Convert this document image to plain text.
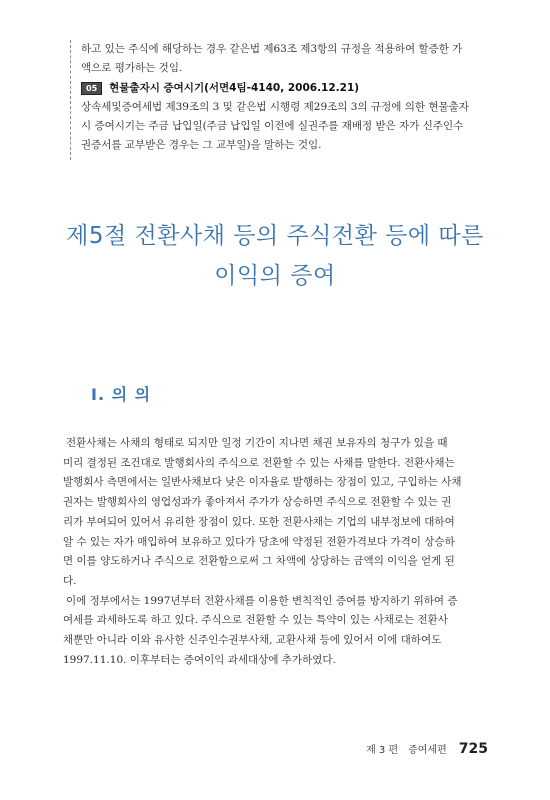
하고 있는 주식에 해당하는 경우 같은법 제63조 제3항의 규정을 적용하여 할증한 가
액으로 평가하는 것임.
05	현물출자시 증여시기(서면4팀-4140, 2006.12.21)
상속세및증여세법 제39조의 3 및 같은법 시행령 제29조의 3의 규정에 의한 현물출자
시 증여시기는 주금 납입일(주금 납입일 이전에 실권주를 재배정 받은 자가 신주인수
권증서를 교부받은 경우는 그 교부일)을 말하는 것임.
제5절 전환사채 등의 주식전환 등에 따른
이익의 증여
Ⅰ. 의 의
전환사채는 사채의 형태로 되지만 일정 기간이 지나면 채권 보유자의 청구가 있을 때
미리 결정된 조건대로 발행회사의 주식으로 전환할 수 있는 사채를 말한다. 전환사채는
발행회사 측면에서는 일반사채보다 낮은 이자율로 발행하는 장점이 있고, 구입하는 사채
권자는 발행회사의 영업성과가 좋아져서 주가가 상승하면 주식으로 전환할 수 있는 권
리가 부여되어 있어서 유리한 장점이 있다. 또한 전환사채는 기업의 내부정보에 대하여
알 수 있는 자가 매입하여 보유하고 있다가 당초에 약정된 전환가격보다 가격이 상승하
면 이를 양도하거나 주식으로 전환함으로써 그 차액에 상당하는 금액의 이익을 얻게 된
다.
이에 정부에서는 1997년부터 전환사채를 이용한 변칙적인 증여를 방지하기 위하여 증
여세를 과세하도록 하고 있다. 주식으로 전환할 수 있는 특약이 있는 사채로는 전환사
채뿐만 아니라 이와 유사한 신주인수권부사채, 교환사채 등에 있어서 이에 대하여도
1997.11.10. 이후부터는 증여이익 과세대상에 추가하였다.
제 3 편 증여세편 725
